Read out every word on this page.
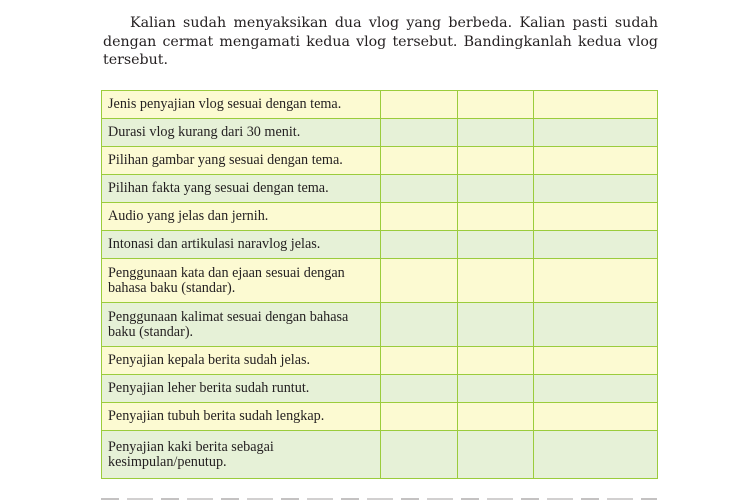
Kalian sudah menyaksikan dua vlog yang berbeda. Kalian pasti sudah dengan cermat mengamati kedua vlog tersebut. Bandingkanlah kedua vlog tersebut.

Jenis penyajian vlog sesuai dengan tema.			
Durasi vlog kurang dari 30 menit.			
Pilihan gambar yang sesuai dengan tema.			
Pilihan fakta yang sesuai dengan tema.			
Audio yang jelas dan jernih.			
Intonasi dan artikulasi naravlog jelas.			
Penggunaan kata dan ejaan sesuai dengan bahasa baku (standar).			
Penggunaan kalimat sesuai dengan bahasa baku (standar).			
Penyajian kepala berita sudah jelas.			
Penyajian leher berita sudah runtut.			
Penyajian tubuh berita sudah lengkap.			
Penyajian kaki berita sebagai kesimpulan/penutup.			
